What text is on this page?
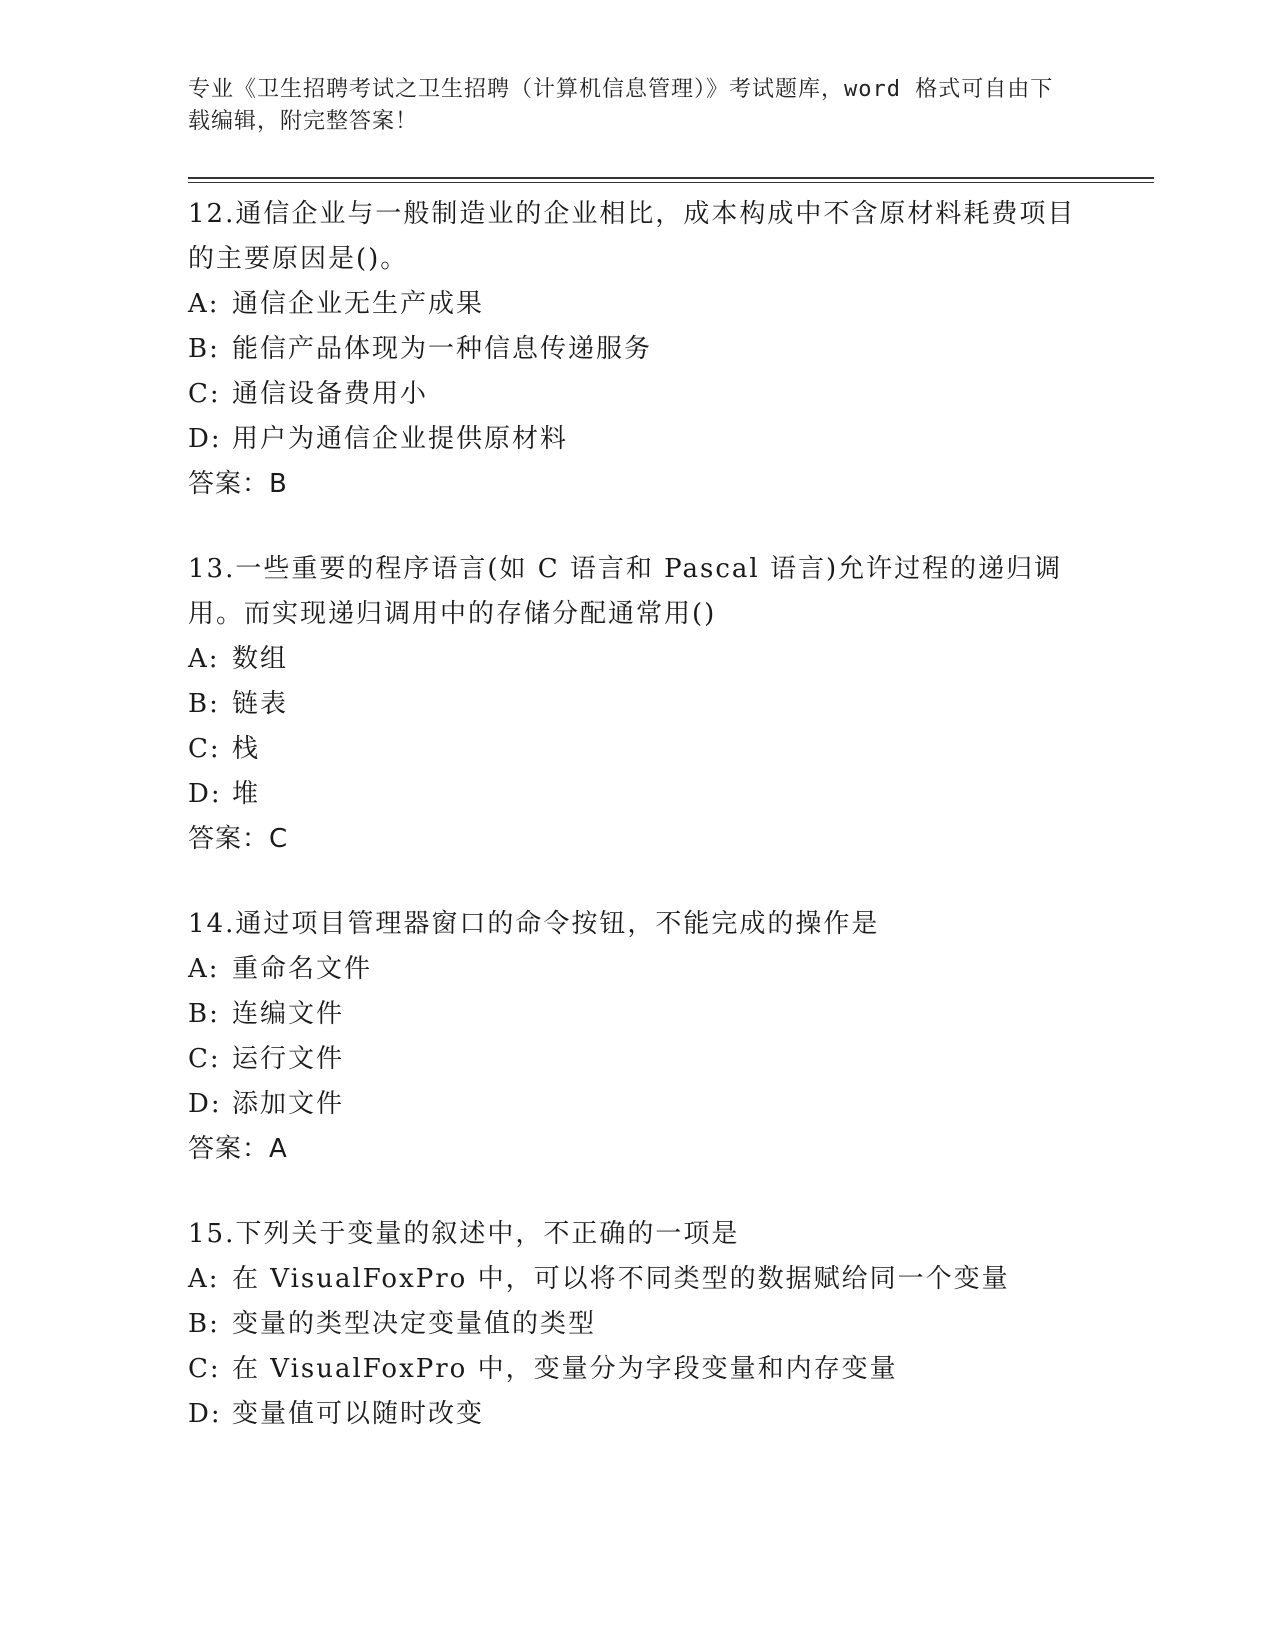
专业《卫生招聘考试之卫生招聘（计算机信息管理）》考试题库，word 格式可自由下载编辑，附完整答案！

12.通信企业与一般制造业的企业相比，成本构成中不含原材料耗费项目的主要原因是()。

A: 通信企业无生产成果

B: 能信产品体现为一种信息传递服务

C: 通信设备费用小

D: 用户为通信企业提供原材料

答案：B

13.一些重要的程序语言(如 C 语言和 Pascal 语言)允许过程的递归调用。而实现递归调用中的存储分配通常用()

A: 数组

B: 链表

C: 栈

D: 堆

答案：C

14.通过项目管理器窗口的命令按钮，不能完成的操作是

A: 重命名文件

B: 连编文件

C: 运行文件

D: 添加文件

答案：A

15.下列关于变量的叙述中，不正确的一项是

A: 在 VisualFoxPro 中，可以将不同类型的数据赋给同一个变量

B: 变量的类型决定变量值的类型

C: 在 VisualFoxPro 中，变量分为字段变量和内存变量

D: 变量值可以随时改变
